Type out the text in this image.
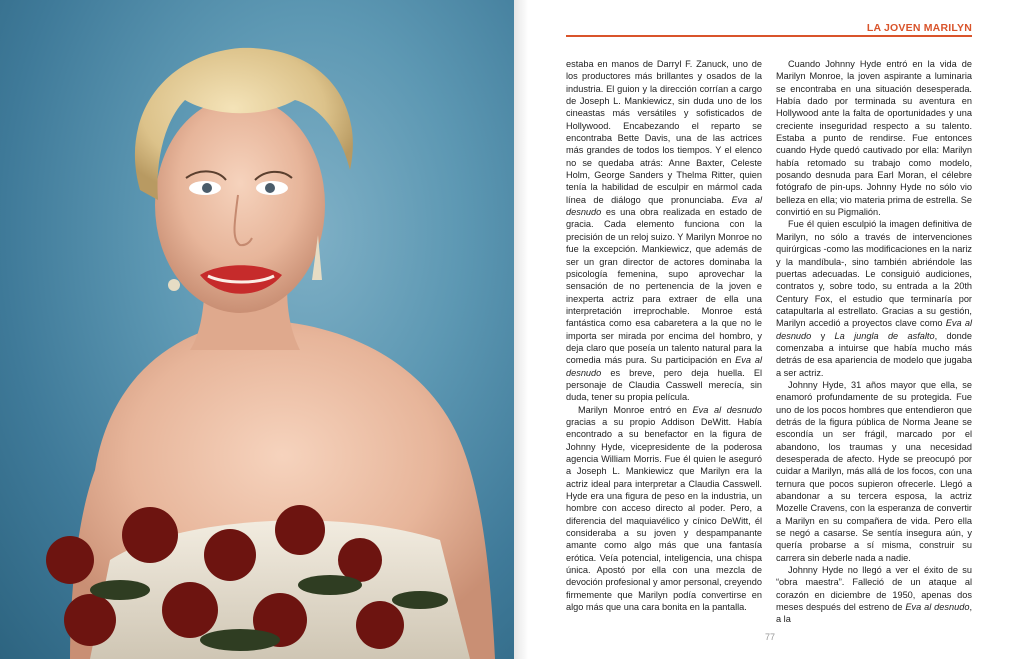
LA JOVEN MARILYN

estaba en manos de Darryl F. Zanuck, uno de los productores más brillantes y osados de la industria. El guion y la dirección corrían a cargo de Joseph L. Mankiewicz, sin duda uno de los cineastas más versátiles y sofisticados de Hollywood. Encabezando el reparto se encontraba Bette Davis, una de las actrices más grandes de todos los tiempos. Y el elenco no se quedaba atrás: Anne Baxter, Celeste Holm, George Sanders y Thelma Ritter, quien tenía la habilidad de esculpir en mármol cada línea de diálogo que pronunciaba. Eva al desnudo es una obra realizada en estado de gracia. Cada elemento funciona con la precisión de un reloj suizo. Y Marilyn Monroe no fue la excepción. Mankiewicz, que además de ser un gran director de actores dominaba la psicología femenina, supo aprovechar la sensación de no pertenencia de la joven e inexperta actriz para extraer de ella una interpretación irreprochable. Monroe está fantástica como esa cabaretera a la que no le importa ser mirada por encima del hombro, y deja claro que poseía un talento natural para la comedia más pura. Su participación en Eva al desnudo es breve, pero deja huella. El personaje de Claudia Casswell merecía, sin duda, tener su propia película.

Marilyn Monroe entró en Eva al desnudo gracias a su propio Addison DeWitt. Había encontrado a su benefactor en la figura de Johnny Hyde, vicepresidente de la poderosa agencia William Morris. Fue él quien le aseguró a Joseph L. Mankiewicz que Marilyn era la actriz ideal para interpretar a Claudia Casswell. Hyde era una figura de peso en la industria, un hombre con acceso directo al poder. Pero, a diferencia del maquiavélico y cínico DeWitt, él consideraba a su joven y despampanante amante como algo más que una fantasía erótica. Veía potencial, inteligencia, una chispa única. Apostó por ella con una mezcla de devoción profesional y amor personal, creyendo firmemente que Marilyn podía convertirse en algo más que una cara bonita en la pantalla.

Cuando Johnny Hyde entró en la vida de Marilyn Monroe, la joven aspirante a luminaria se encontraba en una situación desesperada. Había dado por terminada su aventura en Hollywood ante la falta de oportunidades y una creciente inseguridad respecto a su talento. Estaba a punto de rendirse. Fue entonces cuando Hyde quedó cautivado por ella: Marilyn había retomado su trabajo como modelo, posando desnuda para Earl Moran, el célebre fotógrafo de pin-ups. Johnny Hyde no sólo vio belleza en ella; vio materia prima de estrella. Se convirtió en su Pigmalión.

Fue él quien esculpió la imagen definitiva de Marilyn, no sólo a través de intervenciones quirúrgicas -como las modificaciones en la nariz y la mandíbula-, sino también abriéndole las puertas adecuadas. Le consiguió audiciones, contratos y, sobre todo, su entrada a la 20th Century Fox, el estudio que terminaría por catapultarla al estrellato. Gracias a su gestión, Marilyn accedió a proyectos clave como Eva al desnudo y La jungla de asfalto, donde comenzaba a intuirse que había mucho más detrás de esa apariencia de modelo que jugaba a ser actriz.

Johnny Hyde, 31 años mayor que ella, se enamoró profundamente de su protegida. Fue uno de los pocos hombres que entendieron que detrás de la figura pública de Norma Jeane se escondía un ser frágil, marcado por el abandono, los traumas y una necesidad desesperada de afecto. Hyde se preocupó por cuidar a Marilyn, más allá de los focos, con una ternura que pocos supieron ofrecerle. Llegó a abandonar a su tercera esposa, la actriz Mozelle Cravens, con la esperanza de convertir a Marilyn en su compañera de vida. Pero ella se negó a casarse. Se sentía insegura aún, y quería probarse a sí misma, construir su carrera sin deberle nada a nadie.

Johnny Hyde no llegó a ver el éxito de su “obra maestra”. Falleció de un ataque al corazón en diciembre de 1950, apenas dos meses después del estreno de Eva al desnudo, a la

77
